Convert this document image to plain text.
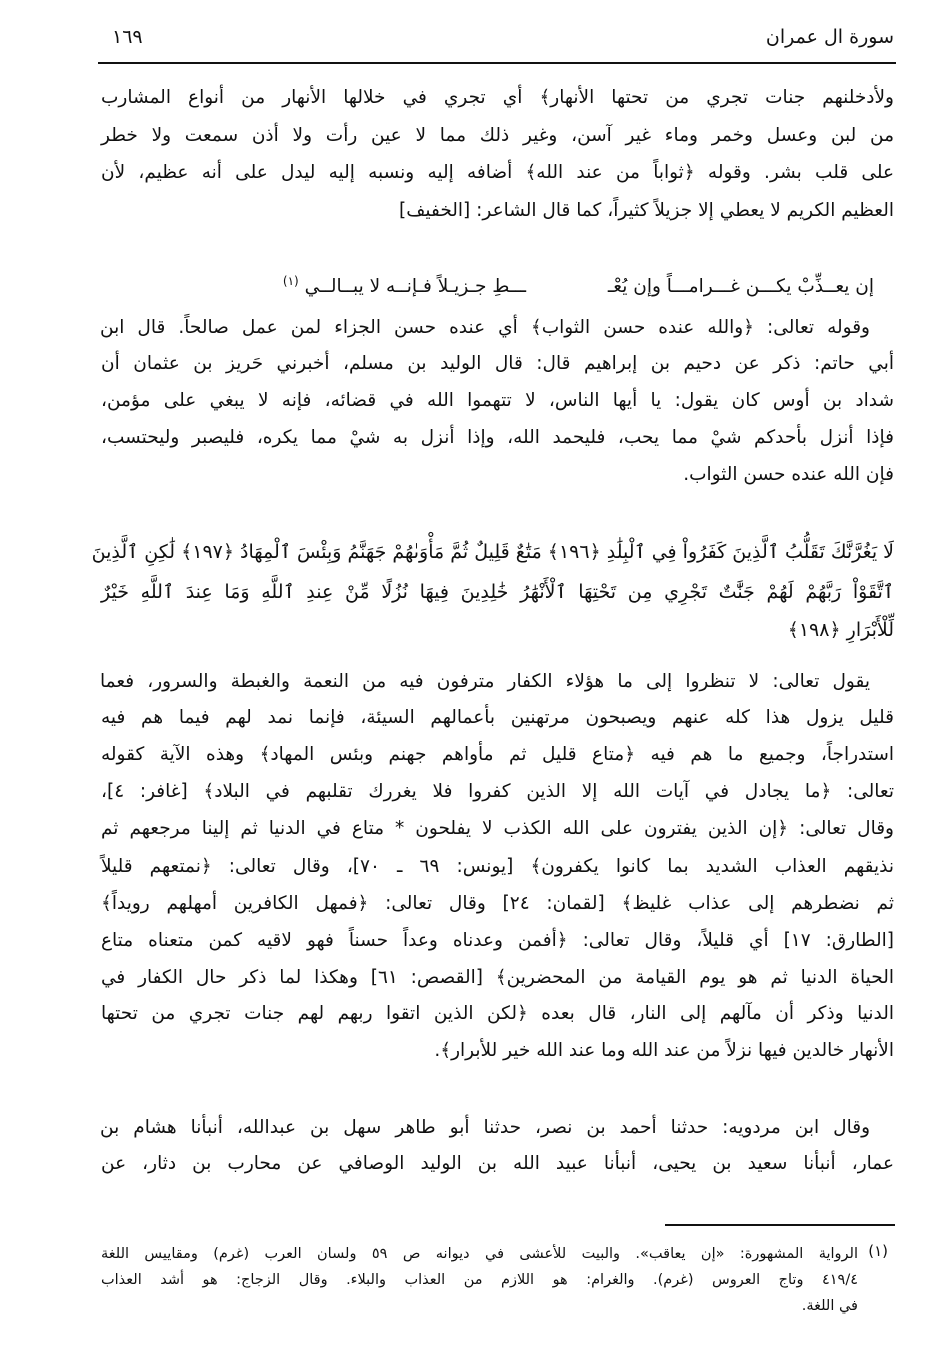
سورة ال عمران
١٦٩
ولأدخلنهم جنات تجري من تحتها الأنهار﴾ أي تجري في خلالها الأنهار من أنواع المشارب
من لبن وعسل وخمر وماء غير آسن، وغير ذلك مما لا عين رأت ولا أذن سمعت ولا خطر
على قلب بشر. وقوله ﴿ثواباً من عند الله﴾ أضافه إليه ونسبه إليه ليدل على أنه عظيم، لأن
العظيم الكريم لا يعطي إلا جزيلاً كثيراً، كما قال الشاعر: [الخفيف]
إن يعــذِّبْ يكـــن غـــرامـــاً وإن يُعْـ  ـــطِ جـزيـلاً فـإنــه لا يبــالــي $^{(١)}$
وقوله تعالى: ﴿والله عنده حسن الثواب﴾ أي عنده حسن الجزاء لمن عمل صالحاً. قال ابن
أبي حاتم: ذكر عن دحيم بن إبراهيم قال: قال الوليد بن مسلم، أخبرني حَريز بن عثمان أن
شداد بن أوس كان يقول: يا أيها الناس، لا تتهموا الله في قضائه، فإنه لا يبغي على مؤمن،
فإذا أنزل بأحدكم شيْ مما يحب، فليحمد الله، وإذا أنزل به شيْ مما يكره، فليصبر وليحتسب،
فإن الله عنده حسن الثواب.
لَا يَغُرَّنَّكَ تَقَلُّبُ ٱلَّذِينَ كَفَرُواْ فِي ٱلْبِلَٰدِ ﴿١٩٦﴾ مَتَٰعٌ قَلِيلٌ ثُمَّ مَأْوَىٰهُمْ جَهَنَّمُ وَبِئْسَ ٱلْمِهَادُ ﴿١٩٧﴾ لَٰكِنِ ٱلَّذِينَ
ٱتَّقَوْاْ رَبَّهُمْ لَهُمْ جَنَّٰتٌ تَجْرِي مِن تَحْتِهَا ٱلْأَنْهَٰرُ خَٰلِدِينَ فِيهَا نُزُلًا مِّنْ عِندِ ٱللَّهِ وَمَا عِندَ ٱللَّهِ خَيْرٌ
لِّلْأَبْرَارِ ﴿١٩٨﴾
يقول تعالى: لا تنظروا إلى ما هؤلاء الكفار مترفون فيه من النعمة والغبطة والسرور، فعما
قليل يزول هذا كله عنهم ويصبحون مرتهنين بأعمالهم السيئة، فإنما نمد لهم فيما هم فيه
استدراجاً، وجميع ما هم فيه ﴿متاع قليل ثم مأواهم جهنم وبئس المهاد﴾ وهذه الآية كقوله
تعالى: ﴿ما يجادل في آيات الله إلا الذين كفروا فلا يغررك تقلبهم في البلاد﴾ [غافر: ٤]،
وقال تعالى: ﴿إن الذين يفترون على الله الكذب لا يفلحون * متاع في الدنيا ثم إلينا مرجعهم ثم
نذيقهم العذاب الشديد بما كانوا يكفرون﴾ [يونس: ٦٩ ـ ٧٠]، وقال تعالى: ﴿نمتعهم قليلاً
ثم نضطرهم إلى عذاب غليظ﴾ [لقمان: ٢٤] وقال تعالى: ﴿فمهل الكافرين أمهلهم رويداً﴾
[الطارق: ١٧] أي قليلاً، وقال تعالى: ﴿أفمن وعدناه وعداً حسناً فهو لاقيه كمن متعناه متاع
الحياة الدنيا ثم هو يوم القيامة من المحضرين﴾ [القصص: ٦١] وهكذا لما ذكر حال الكفار في
الدنيا وذكر أن مآلهم إلى النار، قال بعده ﴿لكن الذين اتقوا ربهم لهم جنات تجري من تحتها
الأنهار خالدين فيها نزلاً من عند الله وما عند الله خير للأبرار﴾.
وقال ابن مردويه: حدثنا أحمد بن نصر، حدثنا أبو طاهر سهل بن عبدالله، أنبأنا هشام بن
عمار، أنبأنا سعيد بن يحيى، أنبأنا عبيد الله بن الوليد الوصافي عن محارب بن دثار، عن
(١)
الرواية المشهورة: «إن يعاقب». والبيت للأعشى في ديوانه ص ٥٩ ولسان العرب (غرم) ومقاييس اللغة
٤١٩/٤ وتاج العروس (غرم). والغرام: هو اللازم من العذاب والبلاء. وقال الزجاج: هو أشد العذاب
في اللغة.
